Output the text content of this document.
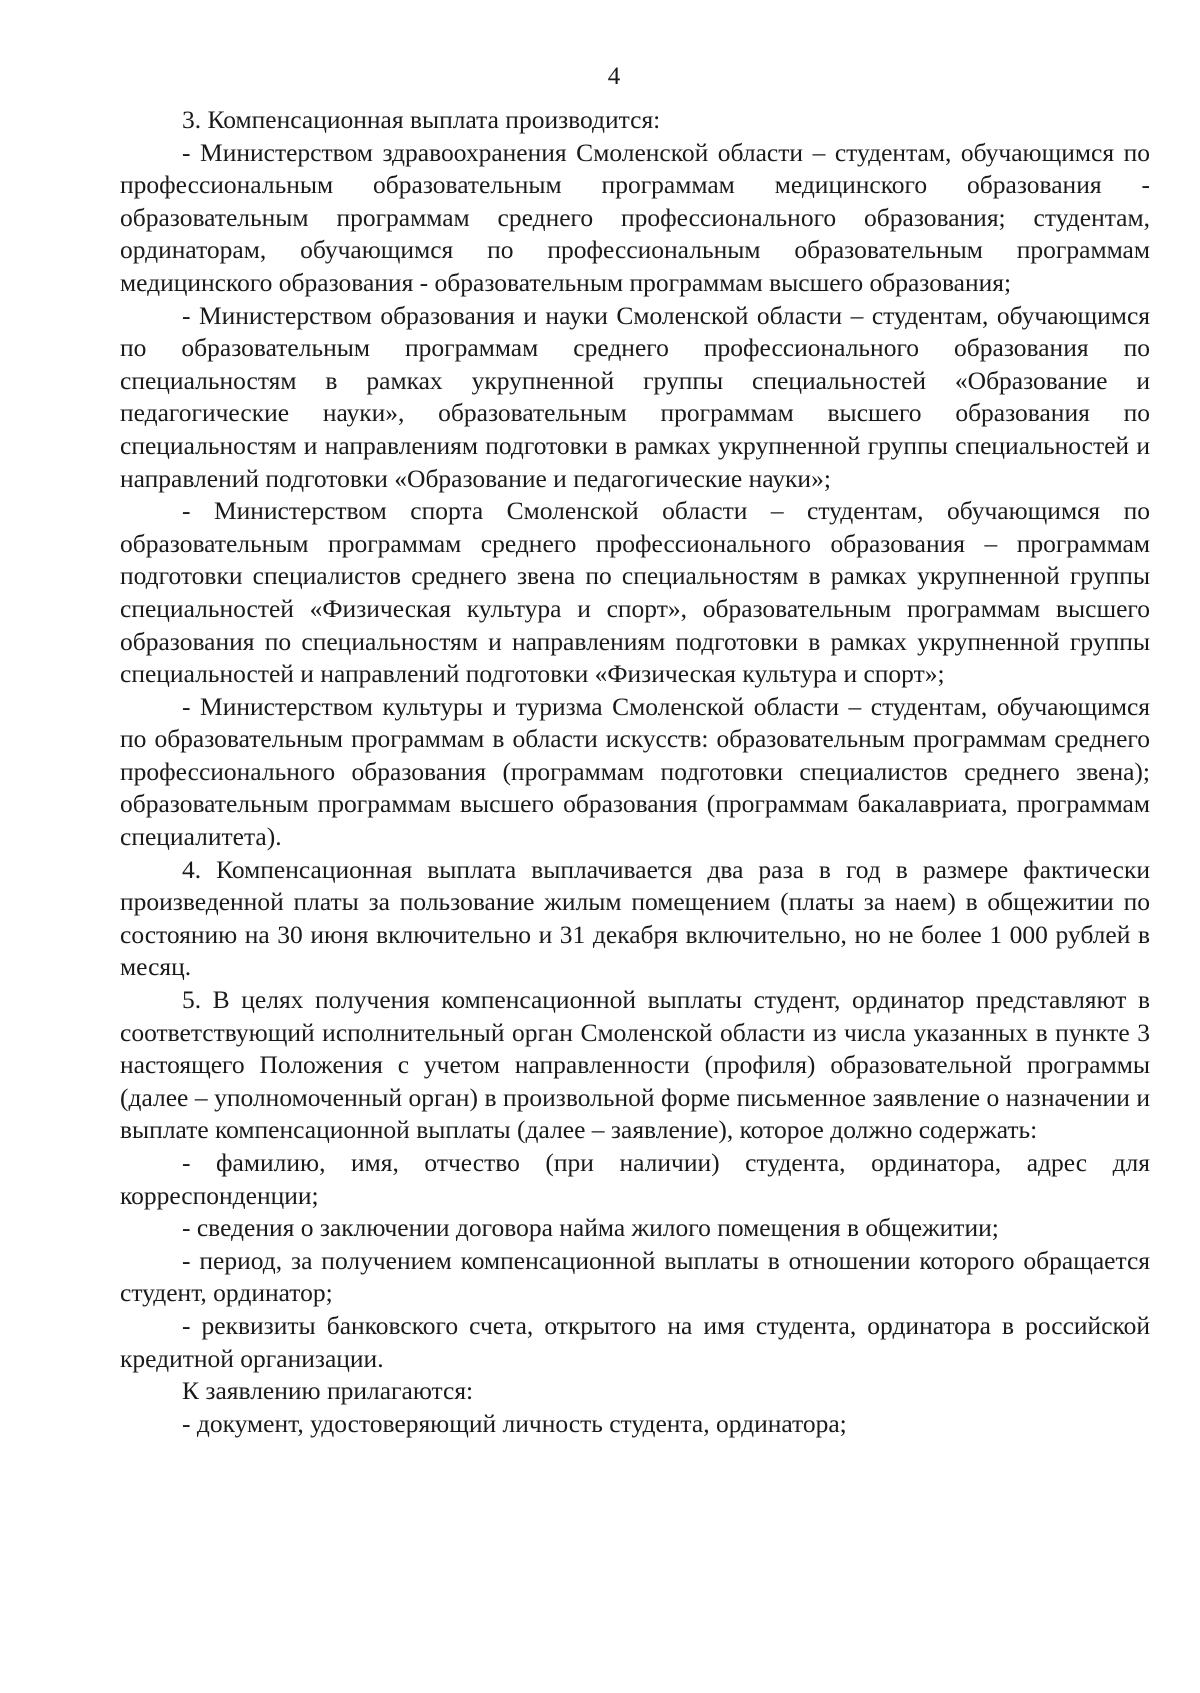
4

3. Компенсационная выплата производится:

- Министерством здравоохранения Смоленской области – студентам, обучающимся по профессиональным образовательным программам медицинского образования - образовательным программам среднего профессионального образования; студентам, ординаторам, обучающимся по профессиональным образовательным программам медицинского образования - образовательным программам высшего образования;

- Министерством образования и науки Смоленской области – студентам, обучающимся по образовательным программам среднего профессионального образования по специальностям в рамках укрупненной группы специальностей «Образование и педагогические науки», образовательным программам высшего образования по специальностям и направлениям подготовки в рамках укрупненной группы специальностей и направлений подготовки «Образование и педагогические науки»;

- Министерством спорта Смоленской области – студентам, обучающимся по образовательным программам среднего профессионального образования – программам подготовки специалистов среднего звена по специальностям в рамках укрупненной группы специальностей «Физическая культура и спорт», образовательным программам высшего образования по специальностям и направлениям подготовки в рамках укрупненной группы специальностей и направлений подготовки «Физическая культура и спорт»;

- Министерством культуры и туризма Смоленской области – студентам, обучающимся по образовательным программам в области искусств: образовательным программам среднего профессионального образования (программам подготовки специалистов среднего звена); образовательным программам высшего образования (программам бакалавриата, программам специалитета).

4. Компенсационная выплата выплачивается два раза в год в размере фактически произведенной платы за пользование жилым помещением (платы за наем) в общежитии по состоянию на 30 июня включительно и 31 декабря включительно, но не более 1 000 рублей в месяц.

5. В целях получения компенсационной выплаты студент, ординатор представляют в соответствующий исполнительный орган Смоленской области из числа указанных в пункте 3 настоящего Положения с учетом направленности (профиля) образовательной программы (далее – уполномоченный орган) в произвольной форме письменное заявление о назначении и выплате компенсационной выплаты (далее – заявление), которое должно содержать:

- фамилию, имя, отчество (при наличии) студента, ординатора, адрес для корреспонденции;

- сведения о заключении договора найма жилого помещения в общежитии;

- период, за получением компенсационной выплаты в отношении которого обращается студент, ординатор;

- реквизиты банковского счета, открытого на имя студента, ординатора в российской кредитной организации.

К заявлению прилагаются:

- документ, удостоверяющий личность студента, ординатора;
